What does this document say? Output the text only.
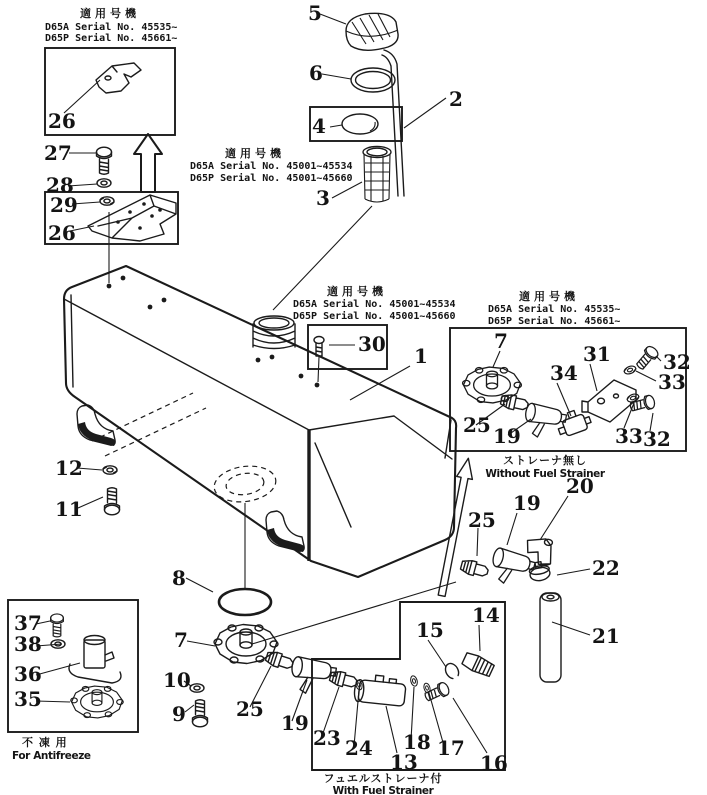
適用号機
D65A Serial No. 45535~
D65P Serial No. 45661~
適用号機
D65A Serial No. 45001~45534
D65P Serial No. 45001~45660
適用号機
D65A Serial No. 45001~45534
D65P Serial No. 45001~45660
適用号機
D65A Serial No. 45535~
D65P Serial No. 45661~
26
27
28
29
26
5
6
4
2
3
30 1
12
11
8
7
10
9	25
19
23 24
13
18 17
16
15
14
7
25 19
34
31	32
33
33 32
25
19
20
22
21
37
38
36
35
ストレーナ無し
Without Fuel Strainer
不 凍 用
For Antifreeze
フュエルストレーナ付
With Fuel Strainer
